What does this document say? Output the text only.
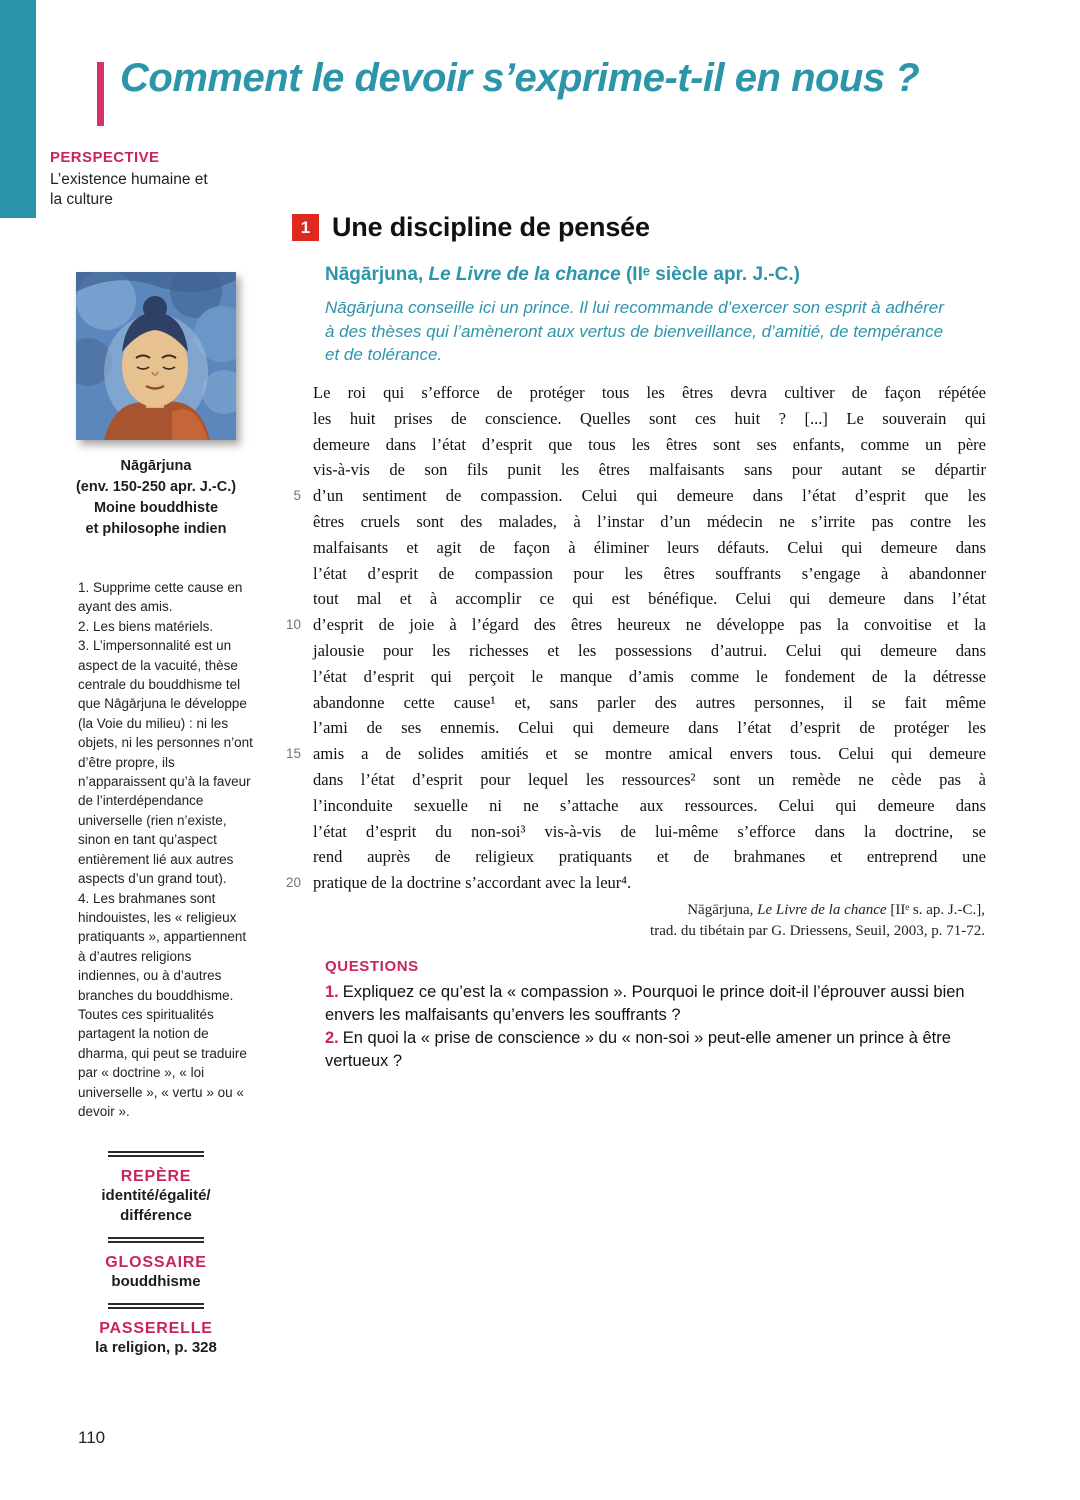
Comment le devoir s’exprime-t-il en nous ?
PERSPECTIVE
L’existence humaine et la culture
Nāgārjuna
(env. 150-250 apr. J.-C.)
Moine bouddhiste
et philosophe indien

1. Supprime cette cause en ayant des amis.

2. Les biens matériels.

3. L’impersonnalité est un aspect de la vacuité, thèse centrale du bouddhisme tel que Nāgārjuna le développe (la Voie du milieu) : ni les objets, ni les personnes n’ont d’être propre, ils n’apparaissent qu’à la faveur de l’interdépendance universelle (rien n’existe, sinon en tant qu’aspect entièrement lié aux autres aspects d’un grand tout).

4. Les brahmanes sont hindouistes, les « religieux pratiquants », appartiennent à d’autres religions indiennes, ou à d’autres branches du bouddhisme. Toutes ces spiritualités partagent la notion de dharma, qui peut se traduire par « doctrine », « loi universelle », « vertu » ou « devoir ».

REPÈRE
identité/égalité/
différence
GLOSSAIRE
bouddhisme
PASSERELLE
la religion, p. 328
1 Une discipline de pensée
Nāgārjuna, Le Livre de la chance (IIᵉ siècle apr. J.-C.)

Nāgārjuna conseille ici un prince. Il lui recommande d’exercer son esprit à adhérer à des thèses qui l’amèneront aux vertus de bienveillance, d’amitié, de tempérance et de tolérance.

Le roi qui s’efforce de protéger tous les êtres devra cultiver de façon répétée
les huit prises de conscience. Quelles sont ces huit ? [...] Le souverain qui
demeure dans l’état d’esprit que tous les êtres sont ses enfants, comme un père
vis-à-vis de son fils punit les êtres malfaisants sans pour autant se départir
5 d’un sentiment de compassion. Celui qui demeure dans l’état d’esprit que les
êtres cruels sont des malades, à l’instar d’un médecin ne s’irrite pas contre les
malfaisants et agit de façon à éliminer leurs défauts. Celui qui demeure dans
l’état d’esprit de compassion pour les êtres souffrants s’engage à abandonner
tout mal et à accomplir ce qui est bénéfique. Celui qui demeure dans l’état
10 d’esprit de joie à l’égard des êtres heureux ne développe pas la convoitise et la
jalousie pour les richesses et les possessions d’autrui. Celui qui demeure dans
l’état d’esprit qui perçoit le manque d’amis comme le fondement de la détresse
abandonne cette cause¹ et, sans parler des autres personnes, il se fait même
l’ami de ses ennemis. Celui qui demeure dans l’état d’esprit de protéger les
15 amis a de solides amitiés et se montre amical envers tous. Celui qui demeure
dans l’état d’esprit pour lequel les ressources² sont un remède ne cède pas à
l’inconduite sexuelle ni ne s’attache aux ressources. Celui qui demeure dans
l’état d’esprit du non-soi³ vis-à-vis de lui-même s’efforce dans la doctrine, se
rend auprès de religieux pratiquants et de brahmanes et entreprend une
20 pratique de la doctrine s’accordant avec la leur⁴.
Nāgārjuna, Le Livre de la chance [IIᵉ s. ap. J.-C.],
trad. du tibétain par G. Driessens, Seuil, 2003, p. 71-72.
QUESTIONS

1. Expliquez ce qu’est la « compassion ». Pourquoi le prince doit-il l’éprouver aussi bien envers les malfaisants qu’envers les souffrants ?

2. En quoi la « prise de conscience » du « non-soi » peut-elle amener un prince à être vertueux ?

110
